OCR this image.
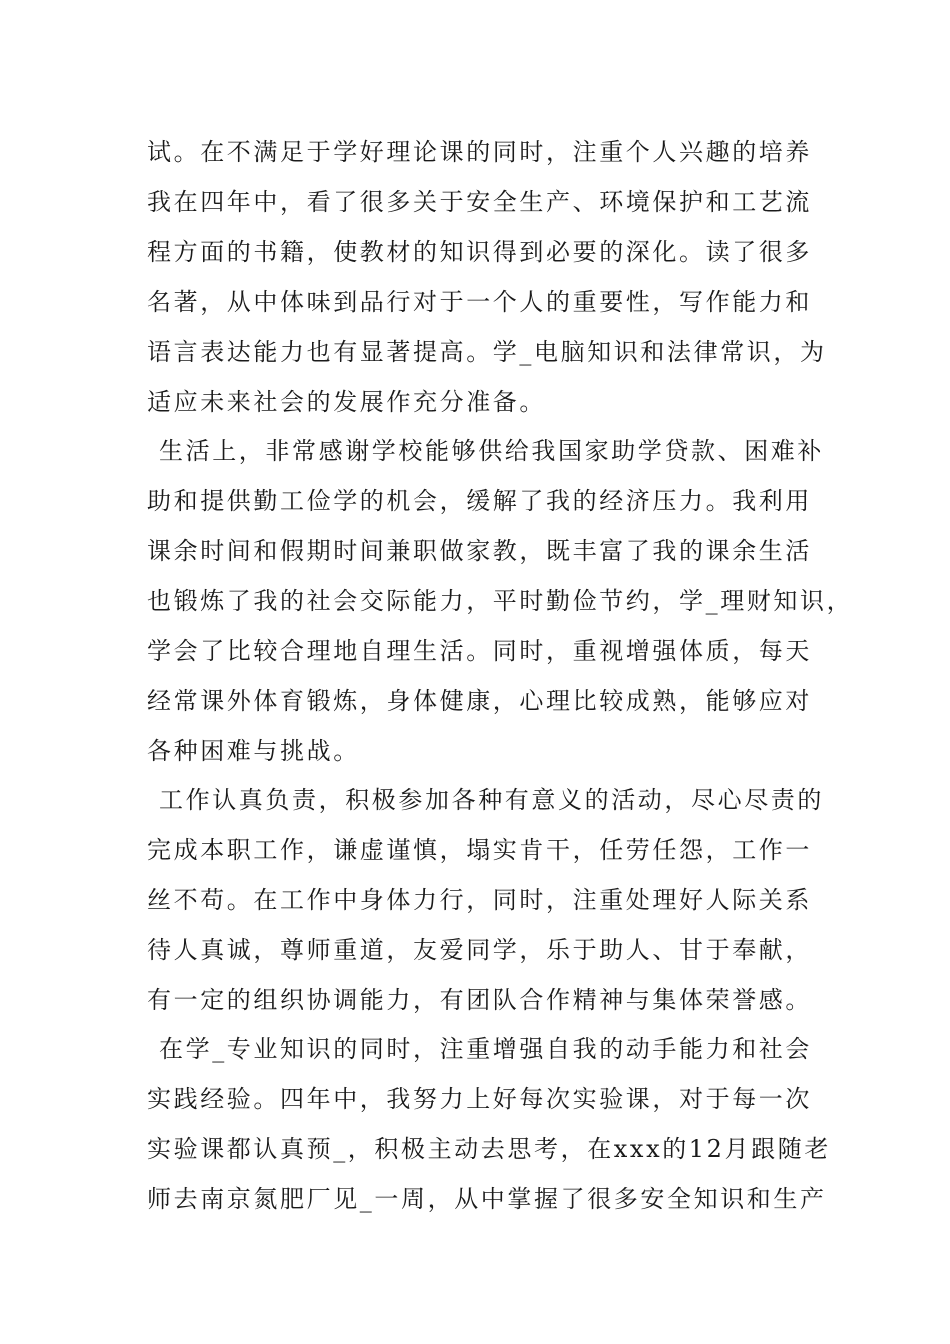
试。在不满足于学好理论课的同时，注重个人兴趣的培养
我在四年中，看了很多关于安全生产、环境保护和工艺流
程方面的书籍，使教材的知识得到必要的深化。读了很多
名著，从中体味到品行对于一个人的重要性，写作能力和
语言表达能力也有显著提高。学_电脑知识和法律常识，为
适应未来社会的发展作充分准备。
生活上，非常感谢学校能够供给我国家助学贷款、困难补
助和提供勤工俭学的机会，缓解了我的经济压力。我利用
课余时间和假期时间兼职做家教，既丰富了我的课余生活
也锻炼了我的社会交际能力，平时勤俭节约，学_理财知识，
学会了比较合理地自理生活。同时，重视增强体质，每天
经常课外体育锻炼，身体健康，心理比较成熟，能够应对
各种困难与挑战。
工作认真负责，积极参加各种有意义的活动，尽心尽责的
完成本职工作，谦虚谨慎，塌实肯干，任劳任怨，工作一
丝不苟。在工作中身体力行，同时，注重处理好人际关系
待人真诚，尊师重道，友爱同学，乐于助人、甘于奉献，
有一定的组织协调能力，有团队合作精神与集体荣誉感。
在学_专业知识的同时，注重增强自我的动手能力和社会
实践经验。四年中，我努力上好每次实验课，对于每一次
实验课都认真预_，积极主动去思考，在xxx的12月跟随老
师去南京氮肥厂见_一周，从中掌握了很多安全知识和生产
